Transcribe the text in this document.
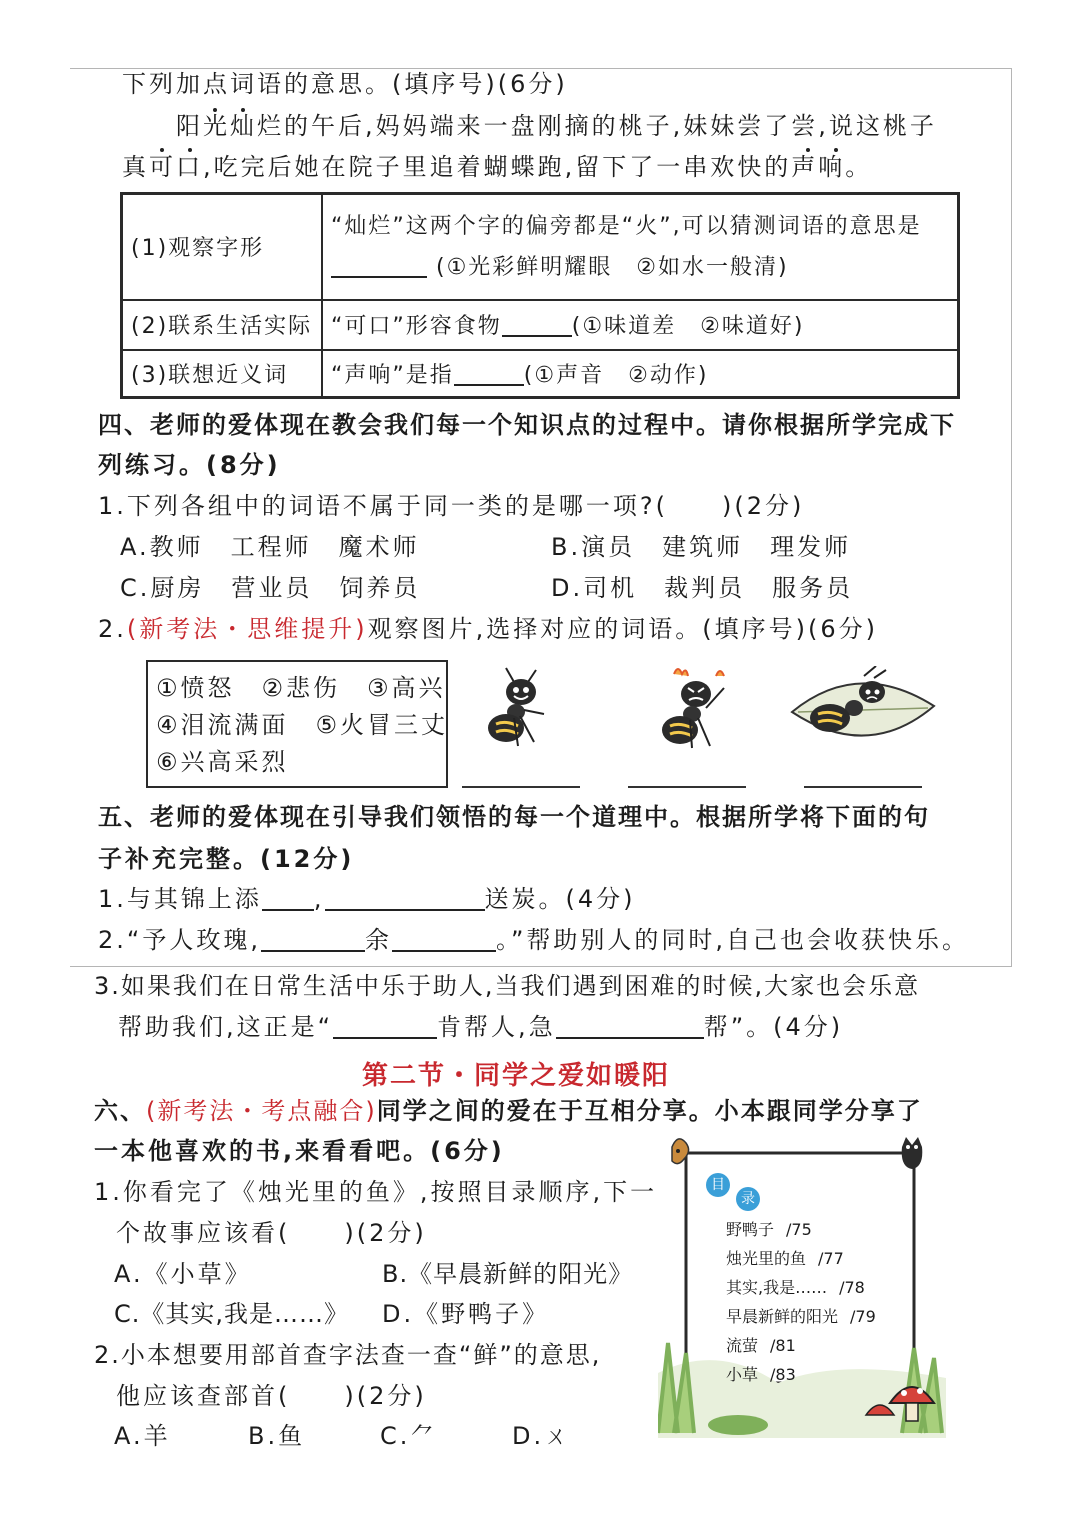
下列加点词语的意思。(填序号)(6分)
阳光灿烂的午后,妈妈端来一盘刚摘的桃子,妹妹尝了尝,说这桃子
真可口,吃完后她在院子里追着蝴蝶跑,留下了一串欢快的声响。
(1)观察字形	“灿烂”这两个字的偏旁都是“火”,可以猜测词语的意思是
(①光彩鲜明耀眼　②如水一般清)

(2)联系生活实际	“可口”形容食物 (①味道差　②味道好)
(3)联想近义词	“声响”是指 (①声音　②动作)
四、老师的爱体现在教会我们每一个知识点的过程中。请你根据所学完成下
列练习。(8分)
1.下列各组中的词语不属于同一类的是哪一项?(　　)(2分)
A.教师　工程师　魔术师	B.演员　建筑师　理发师
C.厨房　营业员　饲养员	D.司机　裁判员　服务员
2.(新考法・思维提升)观察图片,选择对应的词语。(填序号)(6分)
①愤怒　②悲伤　③高兴
④泪流满面　⑤火冒三丈
⑥兴高采烈
五、老师的爱体现在引导我们领悟的每一个道理中。根据所学将下面的句
子补充完整。(12分)
1.与其锦上添 ,	送炭。(4分)
2.“予人玫瑰,	余	。”帮助别人的同时,自己也会收获快乐。
3.如果我们在日常生活中乐于助人,当我们遇到困难的时候,大家也会乐意
帮助我们,这正是“	肯帮人,急	帮”。(4分)
第二节・同学之爱如暖阳
六、(新考法・考点融合)同学之间的爱在于互相分享。小本跟同学分享了
一本他喜欢的书,来看看吧。(6分)
1.你看完了《烛光里的鱼》,按照目录顺序,下一
个故事应该看(　　)(2分)
A.《小草》	B.《早晨新鲜的阳光》
C.《其实,我是……》 D.《野鸭子》
2.小本想要用部首查字法查一查“鲜”的意思,
他应该查部首(　　)(2分)
A.羊	B.鱼	C.⺈	D.ㄨ
目
录
野鸭子 /75
烛光里的鱼 /77
其实,我是…… /78
早晨新鲜的阳光 /79
流萤 /81
小草 /83
